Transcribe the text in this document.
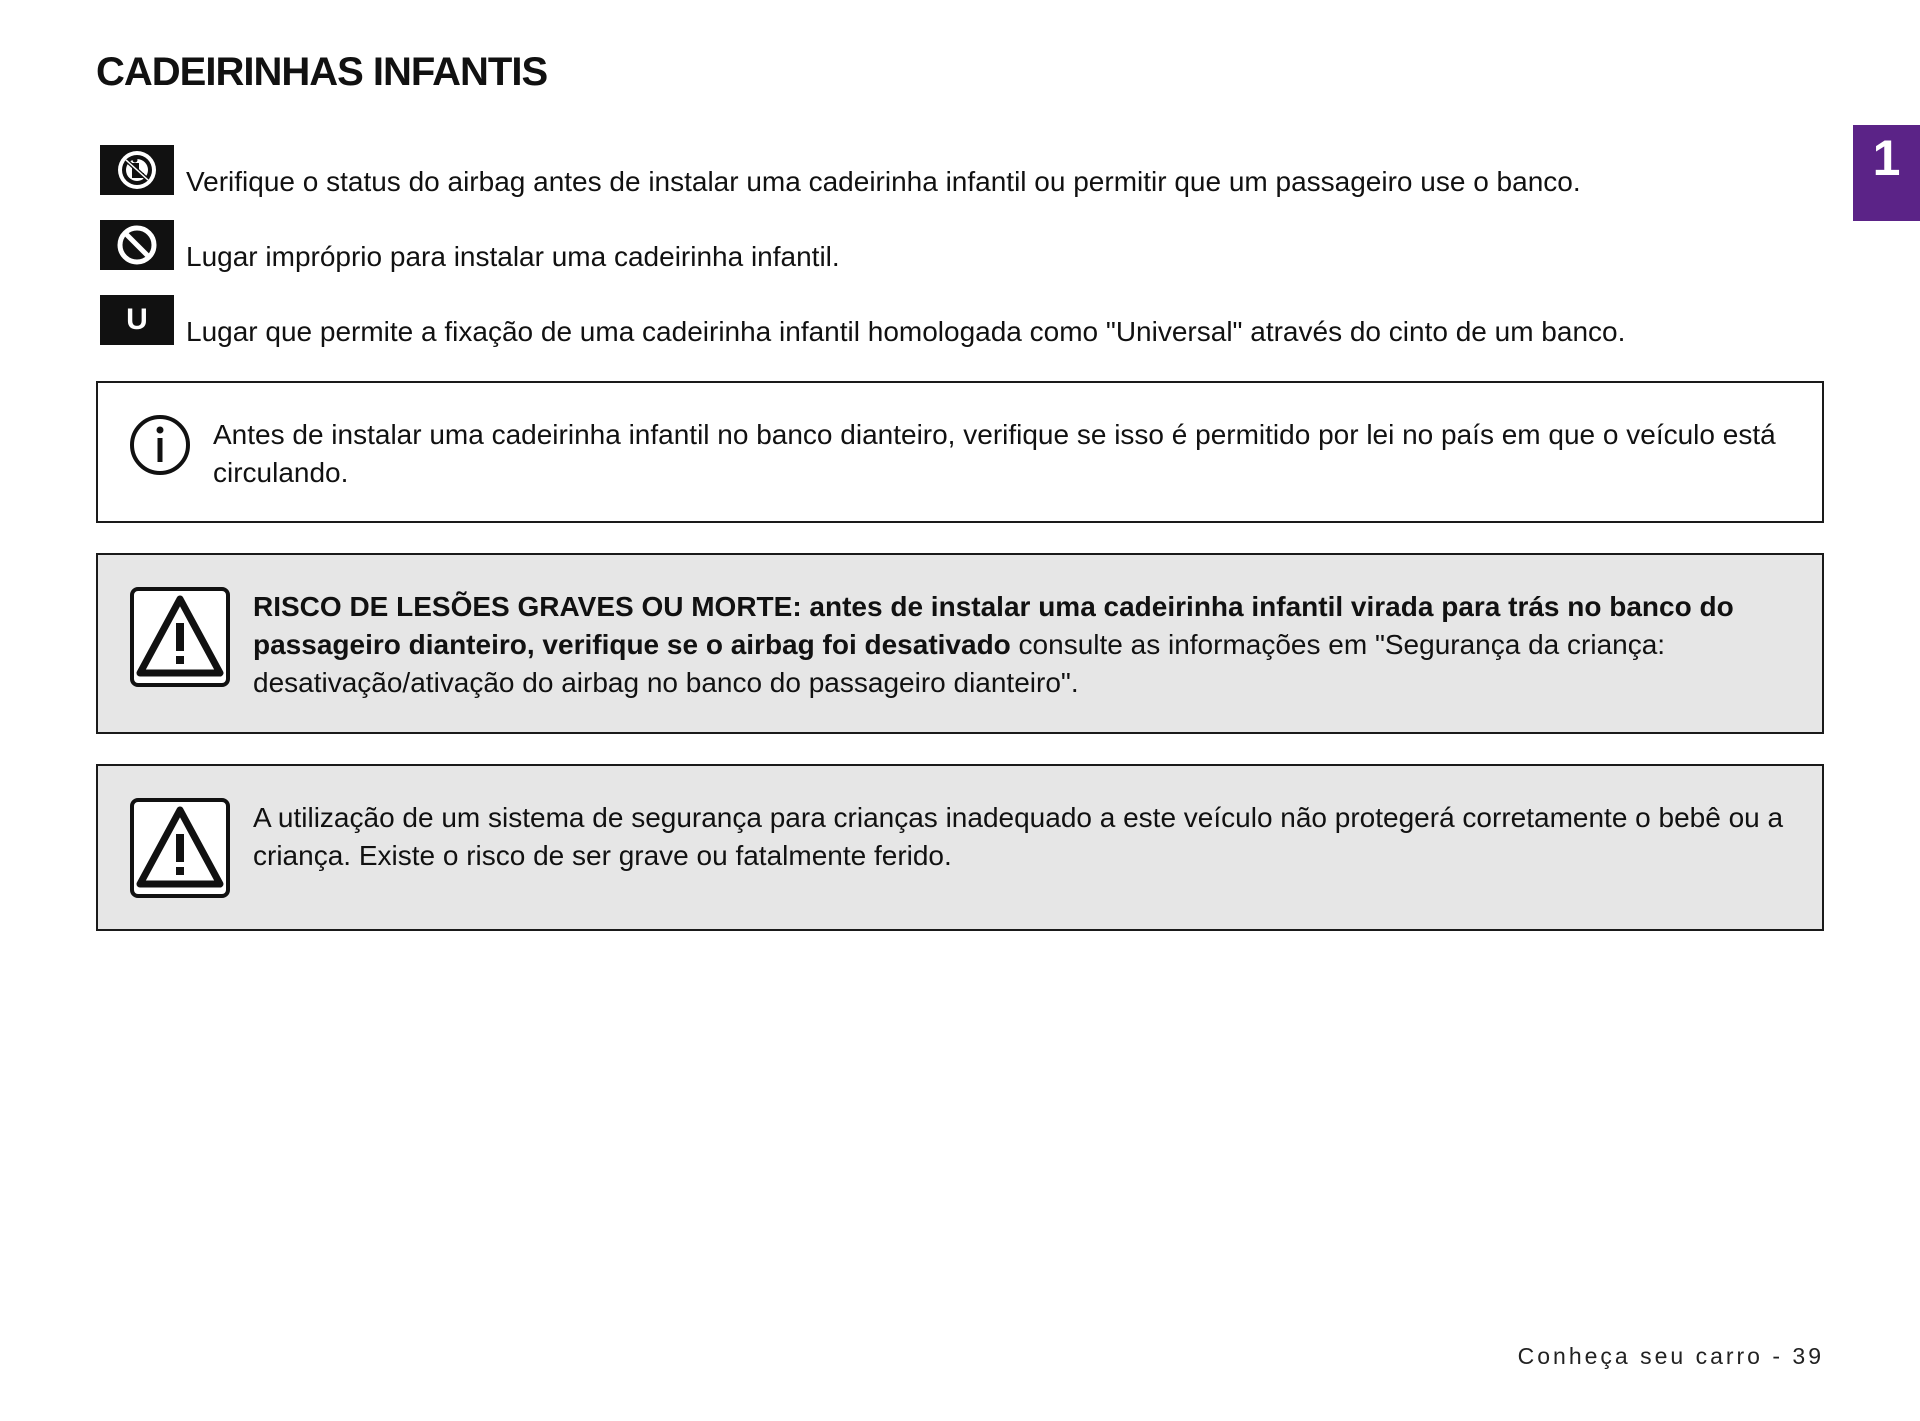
CADEIRINHAS INFANTIS
1
Verifique o status do airbag antes de instalar uma cadeirinha infantil ou permitir que um passageiro use o banco.
Lugar impróprio para instalar uma cadeirinha infantil.
U Lugar que permite a fixação de uma cadeirinha infantil homologada como "Universal" através do cinto de um banco.
Antes de instalar uma cadeirinha infantil no banco dianteiro, verifique se isso é permitido por lei no país em que o veículo está circulando.
RISCO DE LESÕES GRAVES OU MORTE: antes de instalar uma cadeirinha infantil virada para trás no banco do passageiro dianteiro, verifique se o airbag foi desativado consulte as informações em "Segurança da criança: desativação/ativação do airbag no banco do passageiro dianteiro".
A utilização de um sistema de segurança para crianças inadequado a este veículo não protegerá corretamente o bebê ou a criança. Existe o risco de ser grave ou fatalmente ferido.
Conheça seu carro - 39
